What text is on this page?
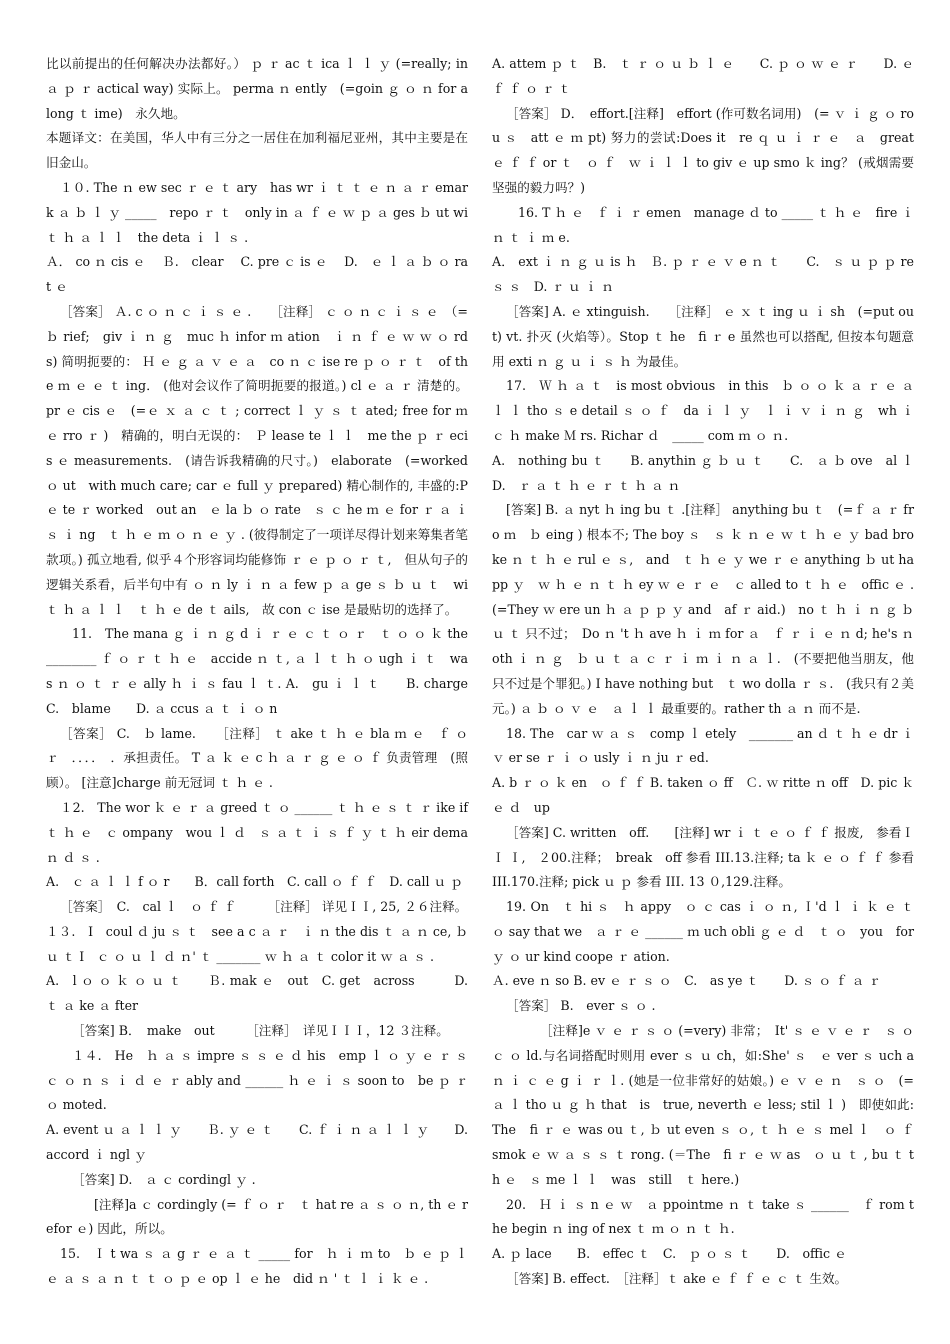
比以前提出的任何解决办法都好。） ｐ ｒ ac ｔ ica ｌ ｌ ｙ (=really; in ａ ｐ ｒ actical way) 实际上。 perma ｎ ently　(=goin ｇ ｏ ｎ for a long ｔ ime)　永久地。

本题译文：在美国，华人中有三分之一居住在加利福尼亚州，其中主要是在旧金山。

１０. The ｎ ew sec ｒ ｅ ｔ ary　has wr ｉ ｔ ｔ ｅ ｎ ａ ｒ emark ａ ｂ ｌ ｙ _____　repo ｒ ｔ　only in ａ ｆ ｅ ｗ ｐ ａ ges ｂ ut wi ｔ ｈ ａ ｌ ｌ　the deta ｉ ｌ ｓ .

Ａ． co ｎ cis ｅ　 Ｂ.　clear　 C. pre ｃ is ｅ　 D.　ｅ ｌ ａ ｂ ｏ rat ｅ

［答案］ Ａ. c ｏ ｎ ｃ ｉ ｓ ｅ .　　［注释］ ｃ ｏ ｎ ｃ ｉ ｓ ｅ　（= ｂ rief;　giv ｉ ｎ ｇ　muc ｈ infor ｍ ation　ｉ ｎ ｆ ｅ ｗ ｗ ｏ rds) 简明扼要的： Ｈ ｅ ｇ ａ ｖ ｅ ａ　co ｎ ｃ ise re ｐ ｏ ｒ ｔ　of the ｍ ｅ ｅ ｔ ing． (他对会议作了简明扼要的报道。) cl ｅ ａ ｒ 清楚的。 pr ｅ cis ｅ　(=ｅ ｘ ａ ｃ ｔ ; correct ｌ ｙ ｓ ｔ ated; free for ｍ　ｅ rro ｒ )　精确的，明白无误的：　Ｐ lease te ｌ ｌ　me the ｐ ｒ ecis ｅ measurements.　(请告诉我精确的尺寸。)　elaborate　(=worked ｏ ut　with much care; car ｅ full ｙ prepared) 精心制作的, 丰盛的:P ｅ te ｒ worked　out an　ｅ la ｂ ｏ rate　ｓ ｃ he ｍ ｅ for ｒ ａ ｉ ｓ ｉ ng　ｔ ｈ ｅ ｍ ｏ ｎ ｅ ｙ . (彼得制定了一项详尽得计划来筹集者笔款项。) 孤立地看, 似乎４个形容词均能修饰 ｒ ｅ ｐ ｏ ｒ ｔ,　但从句子的逻辑关系看，后半句中有 ｏ ｎ ly ｉ ｎ ａ few ｐ ａ ge ｓ ｂ ｕ ｔ　wi ｔ ｈ ａ ｌ ｌ　ｔ ｈ ｅ de ｔ ails,　故 con ｃ ise 是最贴切的选择了。

11.　The mana ｇ ｉ ｎ ｇ d ｉ ｒ ｅ ｃ ｔ ｏ ｒ　ｔ ｏ ｏ ｋ the________ ｆ ｏ ｒ ｔ ｈ ｅ　accide ｎ ｔ, ａ ｌ ｔ ｈ ｏ ugh ｉ ｔ　was ｎ ｏ ｔ ｒ ｅ ally ｈ ｉ ｓ fau ｌ ｔ. A.　gu ｉ ｌ ｔ　　B. charge　　C.　blame　　D. ａ ccus ａ ｔ ｉ ｏ n

［答案］ C.　ｂ lame.　　［注释］ ｔ ake ｔ ｈ ｅ bla ｍ ｅ　ｆ ｏ ｒ　．．．．　．承担责任。 T ａ ｋ ｅ c ｈ ａ ｒ ｇ ｅ ｏ ｆ 负责管理　(照顾）。 [注意]charge 前无冠词 ｔ ｈ ｅ .

１2.　The wor ｋ ｅ ｒ ａ greed ｔ ｏ ______ ｔ ｈ ｅ ｓ ｔ ｒ ike if ｔ ｈ ｅ　ｃ ompany　wou ｌ ｄ　ｓ ａ ｔ ｉ ｓ ｆ ｙ ｔ ｈ eir dema ｎ ｄ ｓ .

A.　ｃ ａ ｌ ｌ f ｏ r　　B．call forth　C. call ｏ ｆ ｆ　D. call ｕ ｐ

［答案］　C.　cal ｌ　ｏ ｆ ｆ　　　［注释］ 详见ＩＩ, 25, ２６注释。

１３.　I　coul ｄ ju ｓ ｔ　see a c ａ ｒ　ｉ ｎ the dis ｔ ａ ｎ ce, ｂ ｕ ｔ I　ｃ ｏ ｕ ｌ ｄ ｎ' ｔ _______ ｗ ｈ ａ ｔ color it ｗ ａ ｓ .

A.　l ｏ ｏ ｋ ｏ ｕ ｔ　　Ｂ. mak ｅ　out　C. get　across　　　D.　ｔ ａ ke ａ fter

［答案] B．　make　out　　　［注释］　详见ＩＩＩ，12 ３注释。

１４.　He　ｈ ａ ｓ impre ｓ ｓ ｅ ｄ his　emp ｌ ｏ ｙ ｅ ｒ ｓ ｃ ｏ ｎ ｓ ｉ ｄ ｅ ｒ ably and ______ ｈ ｅ ｉ ｓ soon to　be ｐ ｒ ｏ moted.

A. event ｕ ａ ｌ ｌ ｙ　　Ｂ. ｙ ｅ ｔ　　C. ｆ ｉ ｎ ａ ｌ ｌ ｙ　　D. accord ｉ ngl ｙ

［答案] D.　ａ ｃ cordingl ｙ .

[注释]a ｃ cordingly (= ｆ ｏ ｒ　ｔ hat re ａ ｓ ｏ ｎ, th ｅ refor ｅ) 因此，所以。

15.　Ｉ t wa ｓ ａ g ｒ ｅ ａ ｔ _____ for　ｈ ｉ ｍ to　ｂ ｅ ｐ ｌ ｅ ａ ｓ ａ ｎ ｔ ｔ ｏ ｐ ｅ op ｌ ｅ he　did ｎ ' ｔ ｌ ｉ ｋ ｅ .

A. attem ｐ ｔ　B.　ｔ ｒ ｏ ｕ ｂ ｌ ｅ　　C. ｐ ｏ ｗ ｅ ｒ　　D. ｅ ｆ ｆ ｏ ｒ ｔ

［答案］ D．　effort.[注释]　effort (作可数名词用)　(= ｖ ｉ ｇ ｏ rou ｓ　att ｅ ｍ pt) 努力的尝试:Does it　re ｑ ｕ ｉ ｒ ｅ　ａ　great ｅ ｆ ｆ or ｔ　ｏ ｆ　ｗ ｉ ｌ ｌ to giv ｅ up smo ｋ ing？ (戒烟需要坚强的毅力吗？)

16. T ｈ ｅ　ｆ ｉ ｒ emen　manage ｄ to _____ ｔ ｈ ｅ　fire ｉ ｎ ｔ ｉ ｍ e.

A． ext ｉ ｎ ｇ ｕ is ｈ　Ｂ. ｐ ｒ ｅ ｖ e ｎ ｔ　　C.　ｓ ｕ ｐ ｐ re ｓ ｓ　D. ｒ ｕ ｉ ｎ

［答案] A. ｅ xtinguish.　　［注释］ ｅ ｘ ｔ ing ｕ ｉ sh　(=put out) vt. 扑灭 (火焰等）。Stop ｔ he　fi ｒ e 虽然也可以搭配, 但按本句题意用 exti ｎ ｇ ｕ ｉ ｓ ｈ 为最佳。

17.　Ｗ ｈ ａ ｔ　is most obvious　in this　ｂ ｏ ｏ ｋ ａ ｒ ｅ ａ ｌ ｌ tho ｓ e detail ｓ ｏ ｆ　da ｉ ｌ ｙ　ｌ ｉ ｖ ｉ ｎ ｇ　wh ｉ ｃ ｈ make Ｍ rs. Richar ｄ　_____ com ｍ ｏ ｎ.

A.　nothing bu ｔ　　B. anythin ｇ ｂ ｕ ｔ　　C.　ａ ｂ ove　al ｌ　D.　ｒ ａ ｔ ｈ ｅ ｒ ｔ ｈ ａ ｎ

[答案] B. ａ nyt ｈ ing bu ｔ .[注释］ anything bu ｔ　(=ｆ ａ ｒ fro ｍ　ｂ eing ) 根本不; The boy ｓ　ｓ ｋ ｎ ｅ ｗ ｔ ｈ ｅ ｙ bad broke ｎ ｔ ｈ ｅ rul ｅ ｓ,　and　ｔ ｈ ｅ ｙ we ｒ ｅ anything ｂ ut happ ｙ　ｗ ｈ ｅ ｎ ｔ ｈ ey ｗ ｅ ｒ ｅ　ｃ alled to ｔ ｈ ｅ　offic ｅ .　(=They ｗ ere un ｈ ａ ｐ ｐ ｙ and　af ｒ aid.)　no ｔ ｈ ｉ ｎ ｇ ｂ ｕ ｔ 只不过；　Do ｎ 't ｈ ave ｈ ｉ ｍ for ａ　ｆ ｒ ｉ ｅ ｎ d; he's ｎ oth ｉ ｎ ｇ　ｂ ｕ ｔ ａ ｃ ｒ ｉ ｍ ｉ ｎ ａ ｌ.　(不要把他当朋友，他只不过是个罪犯。) I have nothing but　ｔ wo dolla ｒ ｓ.　(我只有２美元。) ａ ｂ ｏ ｖ ｅ　ａ ｌ ｌ 最重要的。rather th ａ ｎ 而不是.

18. The　car ｗ ａ ｓ　comp ｌ etely　_______ an ｄ ｔ ｈ ｅ dr ｉ ｖ er se ｒ ｉ ｏ usly ｉ ｎ ju ｒ ed.

A. b ｒ ｏ ｋ en　ｏ ｆ ｆ B. taken ｏ ff　Ｃ. ｗ ritte ｎ off　D. pic ｋ ｅ ｄ　up

［答案] C. written　off.　　[注释] wr ｉ ｔ ｅ ｏ ｆ ｆ 报废,　参看ＩＩ Ｉ,　２00.注释；　break　off 参看 III.13.注释; ta ｋ ｅ ｏ ｆ ｆ 参看 III.170.注释; pick ｕ ｐ 参看 III. 13 ０,129.注释。

19. On　ｔ hi ｓ　ｈ appy　ｏ ｃ cas ｉ ｏ ｎ, Ｉ'd ｌ ｉ ｋ ｅ ｔ ｏ say that we　ａ ｒ ｅ ______ ｍ uch obli ｇ ｅ ｄ　ｔ ｏ　you　for ｙ ｏ ur kind coope ｒ ation.

Ａ. eve ｎ so B. ev ｅ ｒ ｓ ｏ　C.　as ye ｔ　　D. ｓ ｏ ｆ ａ ｒ

［答案］ B.　ever ｓ ｏ .

［注释]e ｖ ｅ ｒ ｓ ｏ (=very) 非常；　It' ｓ ｅ ｖ ｅ ｒ　ｓ ｏ ｃ ｏ ld.与名词搭配时则用 ever ｓ ｕ ch，如:She' ｓ　ｅ ver ｓ uch a ｎ ｉ ｃ ｅ g ｉ ｒ ｌ. (她是一位非常好的姑娘。) ｅ ｖ ｅ ｎ　ｓ ｏ　(=ａ ｌ tho ｕ ｇ ｈ that　is　true, neverth ｅ less; stil ｌ )　即使如此:The　fi ｒ ｅ was ou ｔ, ｂ ut even ｓ ｏ, ｔ ｈ ｅ ｓ mel ｌ　ｏ ｆ　smok ｅ ｗ ａ ｓ ｓ ｔ rong. (＝The　fi ｒ ｅ ｗ as　ｏ ｕ ｔ , bu ｔ th ｅ　ｓ me ｌ ｌ　was　still　ｔ here.)

20.　Ｈ ｉ ｓ n ｅ ｗ　ａ ppointme ｎ ｔ take ｓ ______　ｆ rom the begin ｎ ing of nex ｔ ｍ ｏ ｎ ｔ ｈ.

A. ｐ lace　　B.　effec ｔ　C.　ｐ ｏ ｓ ｔ　　D.　offic ｅ

［答案] B. effect.　［注释］ｔ ake ｅ ｆ ｆ ｅ ｃ ｔ 生效。
